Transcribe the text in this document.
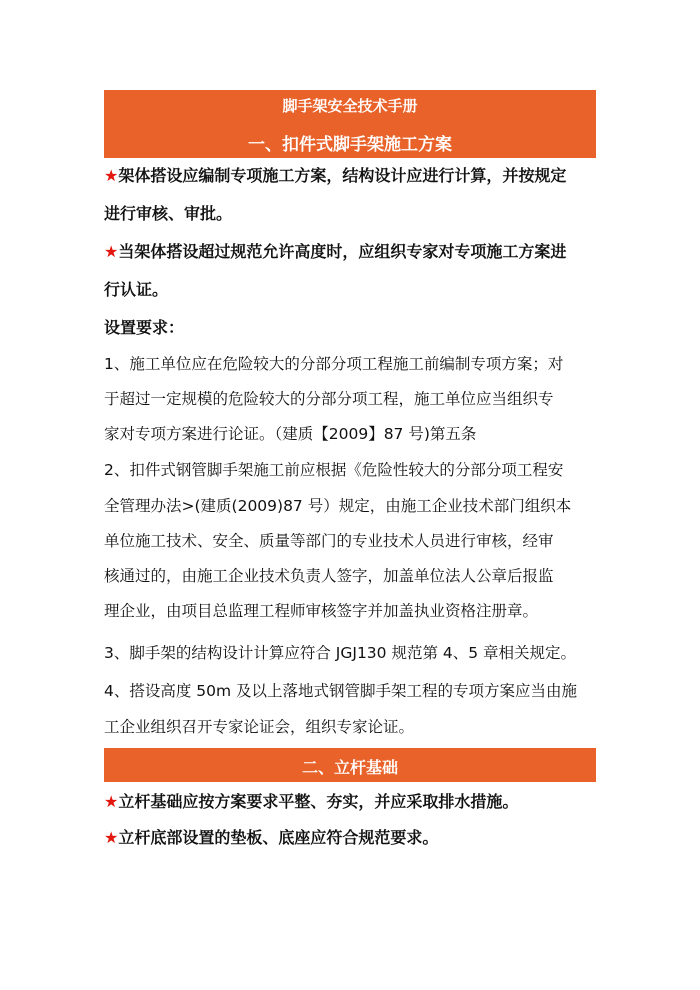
脚手架安全技术手册
一、扣件式脚手架施工方案
★架体搭设应编制专项施工方案，结构设计应进行计算，并按规定
进行审核、审批。
★当架体搭设超过规范允许高度时，应组织专家对专项施工方案进
行认证。
设置要求：
1、施工单位应在危险较大的分部分项工程施工前编制专项方案；对
于超过一定规模的危险较大的分部分项工程，施工单位应当组织专
家对专项方案进行论证。（建质【2009】87 号)第五条
2、扣件式钢管脚手架施工前应根据《危险性较大的分部分项工程安
全管理办法>(建质(2009)87 号）规定，由施工企业技术部门组织本
单位施工技术、安全、质量等部门的专业技术人员进行审核，经审
核通过的，由施工企业技术负责人签字，加盖单位法人公章后报监
理企业，由项目总监理工程师审核签字并加盖执业资格注册章。
3、脚手架的结构设计计算应符合 JGJ130 规范第 4、5 章相关规定。
4、搭设高度 50m 及以上落地式钢管脚手架工程的专项方案应当由施
工企业组织召开专家论证会，组织专家论证。
二、立杆基础
★立杆基础应按方案要求平整、夯实，并应采取排水措施。
★立杆底部设置的垫板、底座应符合规范要求。
